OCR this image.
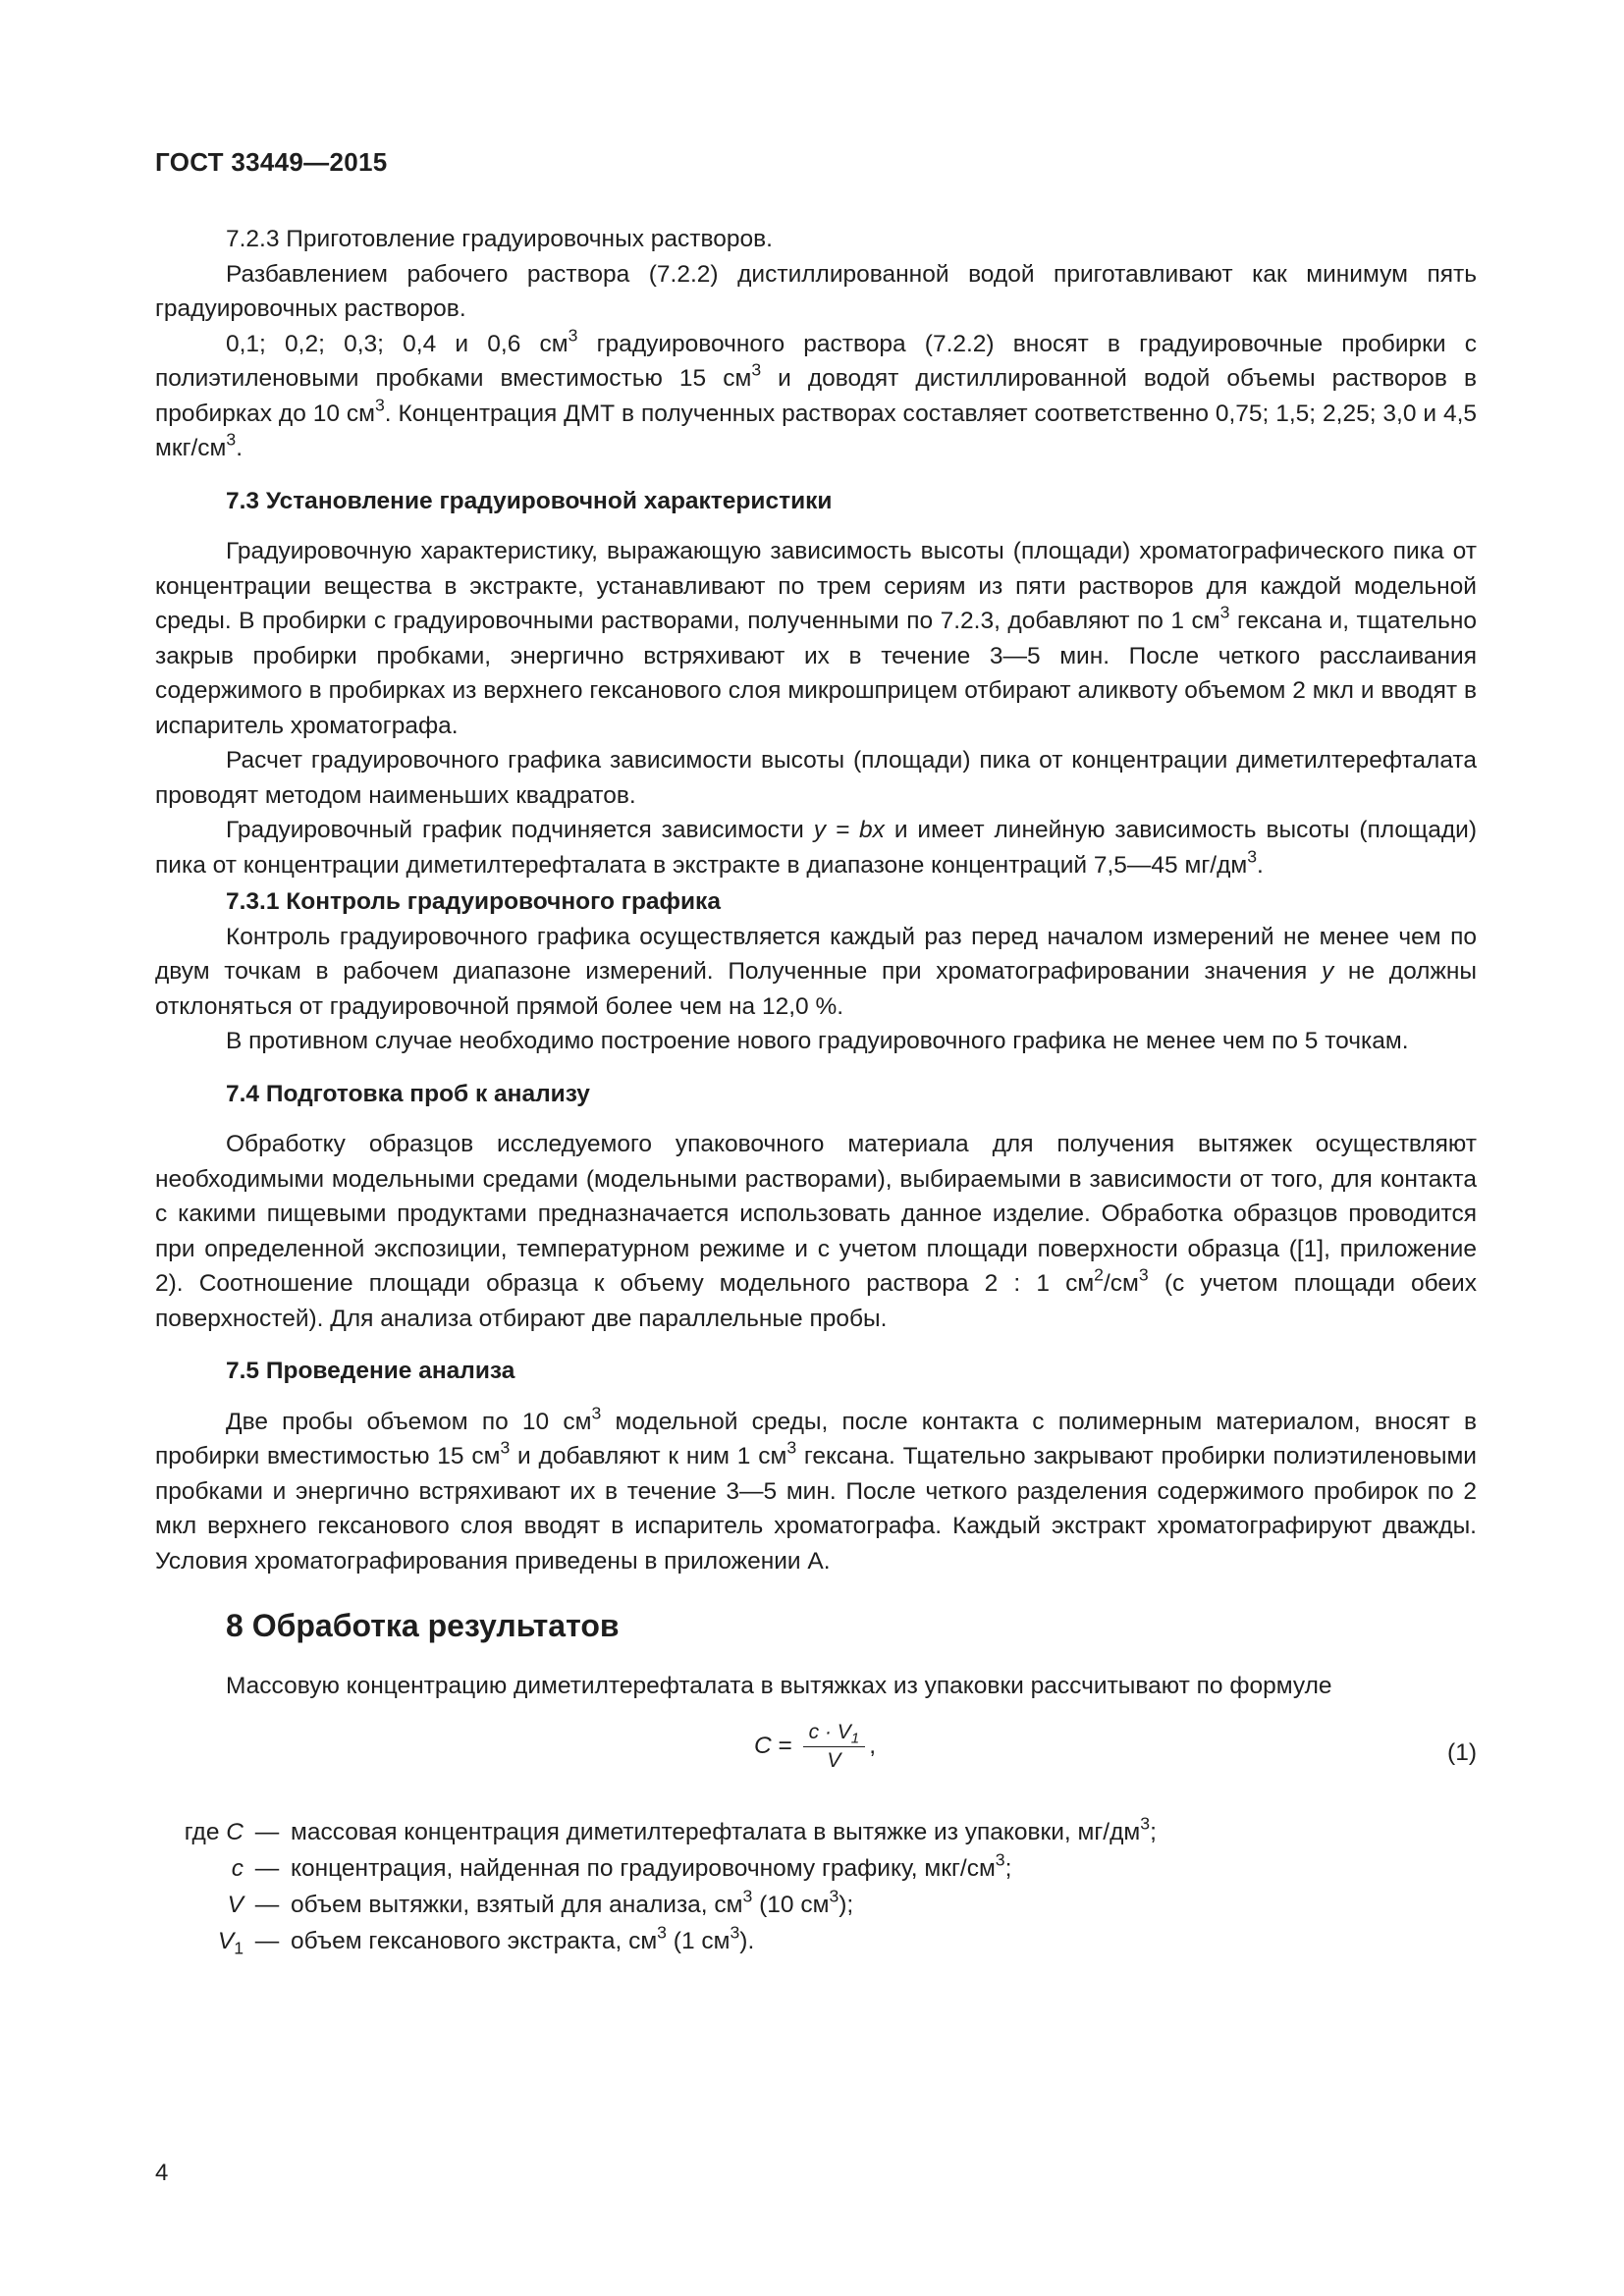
ГОСТ 33449—2015

7.2.3 Приготовление градуировочных растворов.

Разбавлением рабочего раствора (7.2.2) дистиллированной водой приготавливают как минимум пять градуировочных растворов.

0,1; 0,2; 0,3; 0,4 и 0,6 $см^3$ градуировочного раствора (7.2.2) вносят в градуировочные пробирки с полиэтиленовыми пробками вместимостью 15 $см^3$ и доводят дистиллированной водой объемы растворов в пробирках до 10 $см^3$. Концентрация ДМТ в полученных растворах составляет соответственно 0,75; 1,5; 2,25; 3,0 и 4,5 мкг/$см^3$.

7.3 Установление градуировочной характеристики

Градуировочную характеристику, выражающую зависимость высоты (площади) хроматографического пика от концентрации вещества в экстракте, устанавливают по трем сериям из пяти растворов для каждой модельной среды. В пробирки с градуировочными растворами, полученными по 7.2.3, добавляют по 1 $см^3$ гексана и, тщательно закрыв пробирки пробками, энергично встряхивают их в течение 3—5 мин. После четкого расслаивания содержимого в пробирках из верхнего гексанового слоя микрошприцем отбирают аликвоту объемом 2 мкл и вводят в испаритель хроматографа.

Расчет градуировочного графика зависимости высоты (площади) пика от концентрации диметилтерефталата проводят методом наименьших квадратов.

Градуировочный график подчиняется зависимости y = bx и имеет линейную зависимость высоты (площади) пика от концентрации диметилтерефталата в экстракте в диапазоне концентраций 7,5—45 $мг/дм^3$.

7.3.1 Контроль градуировочного графика

Контроль градуировочного графика осуществляется каждый раз перед началом измерений не менее чем по двум точкам в рабочем диапазоне измерений. Полученные при хроматографировании значения y не должны отклоняться от градуировочной прямой более чем на 12,0 %.

В противном случае необходимо построение нового градуировочного графика не менее чем по 5 точкам.

7.4 Подготовка проб к анализу

Обработку образцов исследуемого упаковочного материала для получения вытяжек осуществляют необходимыми модельными средами (модельными растворами), выбираемыми в зависимости от того, для контакта с какими пищевыми продуктами предназначается использовать данное изделие. Обработка образцов проводится при определенной экспозиции, температурном режиме и с учетом площади поверхности образца ([1], приложение 2). Соотношение площади образца к объему модельного раствора 2 : 1 $см^2/см^3$ (с учетом площади обеих поверхностей). Для анализа отбирают две параллельные пробы.

7.5 Проведение анализа

Две пробы объемом по 10 $см^3$ модельной среды, после контакта с полимерным материалом, вносят в пробирки вместимостью 15 $см^3$ и добавляют к ним 1 $см^3$ гексана. Тщательно закрывают пробирки полиэтиленовыми пробками и энергично встряхивают их в течение 3—5 мин. После четкого разделения содержимого пробирок по 2 мкл верхнего гексанового слоя вводят в испаритель хроматографа. Каждый экстракт хроматографируют дважды. Условия хроматографирования приведены в приложении А.

8 Обработка результатов

Массовую концентрацию диметилтерефталата в вытяжках из упаковки рассчитывают по формуле

$C = \frac{c \cdot V_1}{V}$ ,	(1)
где C — массовая концентрация диметилтерефталата в вытяжке из упаковки, $мг/дм^3$;
c — концентрация, найденная по градуировочному графику, мкг/$см^3$;
V — объем вытяжки, взятый для анализа, $см^3$ (10 $см^3$);
$V_1$ — объем гексанового экстракта, $см^3$ (1 $см^3$).
4
